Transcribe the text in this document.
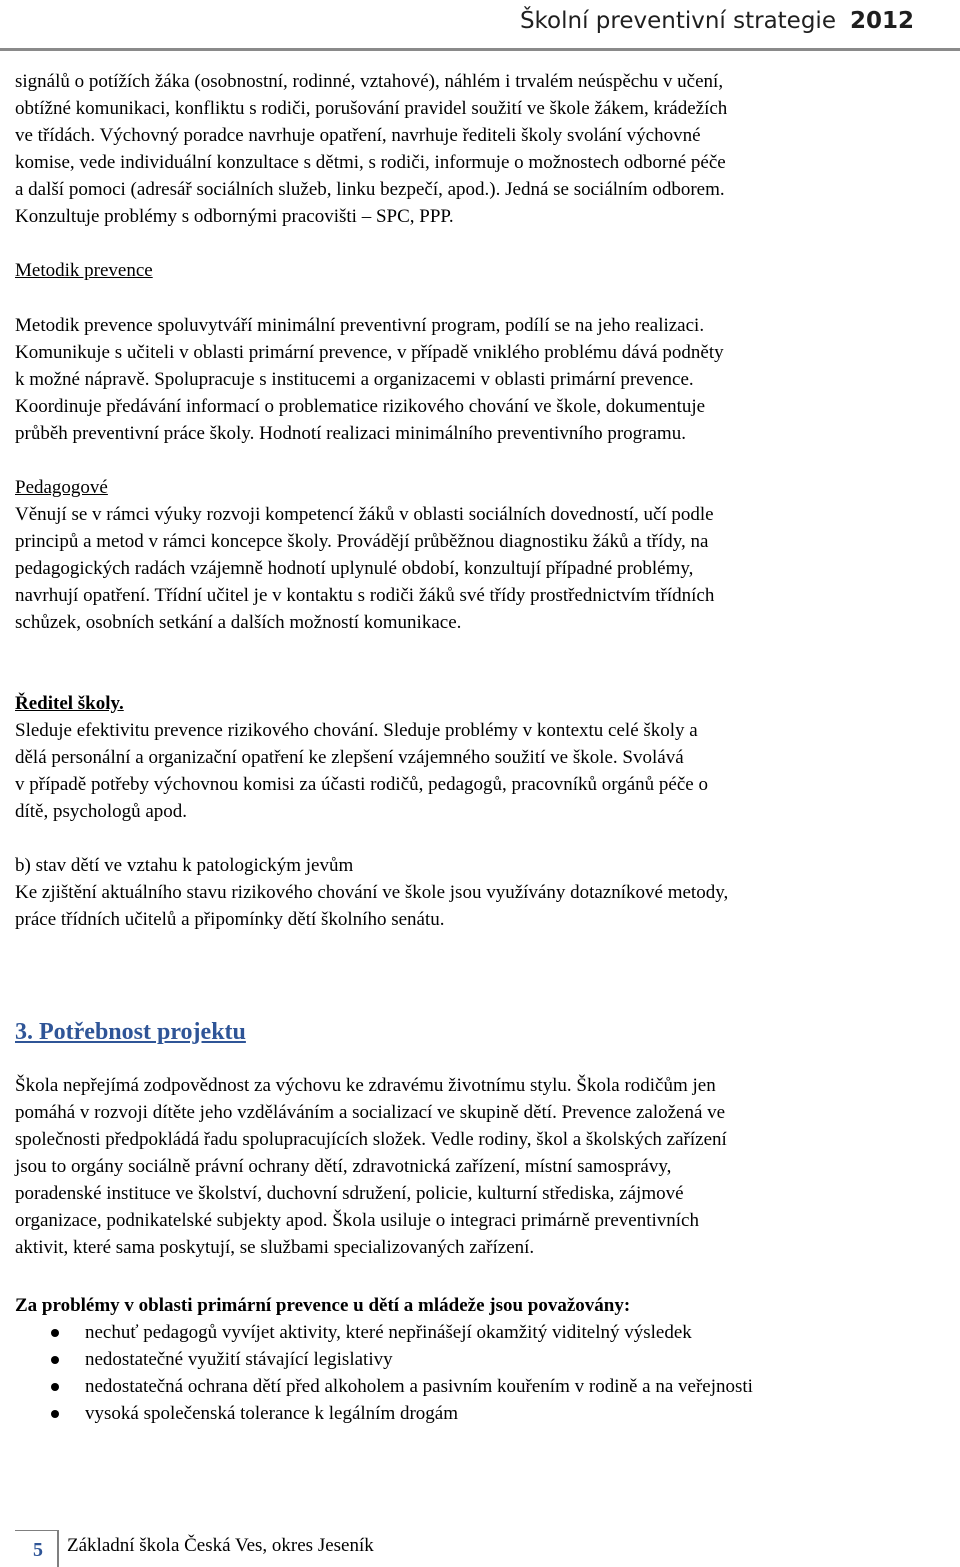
Školní preventivní strategie 2012

signálů o potížích žáka (osobnostní, rodinné, vztahové), náhlém i trvalém neúspěchu v učení,

obtížné komunikaci, konfliktu s rodiči, porušování pravidel soužití ve škole žákem, krádežích

ve třídách. Výchovný poradce navrhuje opatření, navrhuje řediteli školy svolání výchovné

komise, vede individuální konzultace s dětmi, s rodiči, informuje o možnostech odborné péče

a další pomoci (adresář sociálních služeb, linku bezpečí, apod.). Jedná se sociálním odborem.

Konzultuje problémy s odbornými pracovišti – SPC, PPP.

Metodik prevence

Metodik prevence spoluvytváří minimální preventivní program, podílí se na jeho realizaci.

Komunikuje s učiteli v oblasti primární prevence, v případě vniklého problému dává podněty

k možné nápravě. Spolupracuje s institucemi a organizacemi v oblasti primární prevence.

Koordinuje předávání informací o problematice rizikového chování ve škole, dokumentuje

průběh preventivní práce školy. Hodnotí realizaci minimálního preventivního programu.

Pedagogové

Věnují se v rámci výuky rozvoji kompetencí žáků v oblasti sociálních dovedností, učí podle

principů a metod v rámci koncepce školy. Provádějí průběžnou diagnostiku žáků a třídy, na

pedagogických radách vzájemně hodnotí uplynulé období, konzultují případné problémy,

navrhují opatření. Třídní učitel je v kontaktu s rodiči žáků své třídy prostřednictvím třídních

schůzek, osobních setkání a dalších možností komunikace.

Ředitel školy.

Sleduje efektivitu prevence rizikového chování. Sleduje problémy v kontextu celé školy a

dělá personální a organizační opatření ke zlepšení vzájemného soužití ve škole. Svolává

v případě potřeby výchovnou komisi za účasti rodičů, pedagogů, pracovníků orgánů péče o

dítě, psychologů apod.

b) stav dětí ve vztahu k patologickým jevům

Ke zjištění aktuálního stavu rizikového chování ve škole jsou využívány dotazníkové metody,

práce třídních učitelů a připomínky dětí školního senátu.

3. Potřebnost projektu

Škola nepřejímá zodpovědnost za výchovu ke zdravému životnímu stylu. Škola rodičům jen

pomáhá v rozvoji dítěte jeho vzděláváním a socializací ve skupině dětí. Prevence založená ve

společnosti předpokládá řadu spolupracujících složek. Vedle rodiny, škol a školských zařízení

jsou to orgány sociálně právní ochrany dětí, zdravotnická zařízení, místní samosprávy,

poradenské instituce ve školství, duchovní sdružení, policie, kulturní střediska, zájmové

organizace, podnikatelské subjekty apod. Škola usiluje o integraci primárně preventivních

aktivit, které sama poskytují, se službami specializovaných zařízení.

Za problémy v oblasti primární prevence u dětí a mládeže jsou považovány:

nechuť pedagogů vyvíjet aktivity, které nepřinášejí okamžitý viditelný výsledek
nedostatečné využití stávající legislativy
nedostatečná ochrana dětí před alkoholem a pasivním kouřením v rodině a na veřejnosti
vysoká společenská tolerance k legálním drogám
5 Základní škola Česká Ves, okres Jeseník
